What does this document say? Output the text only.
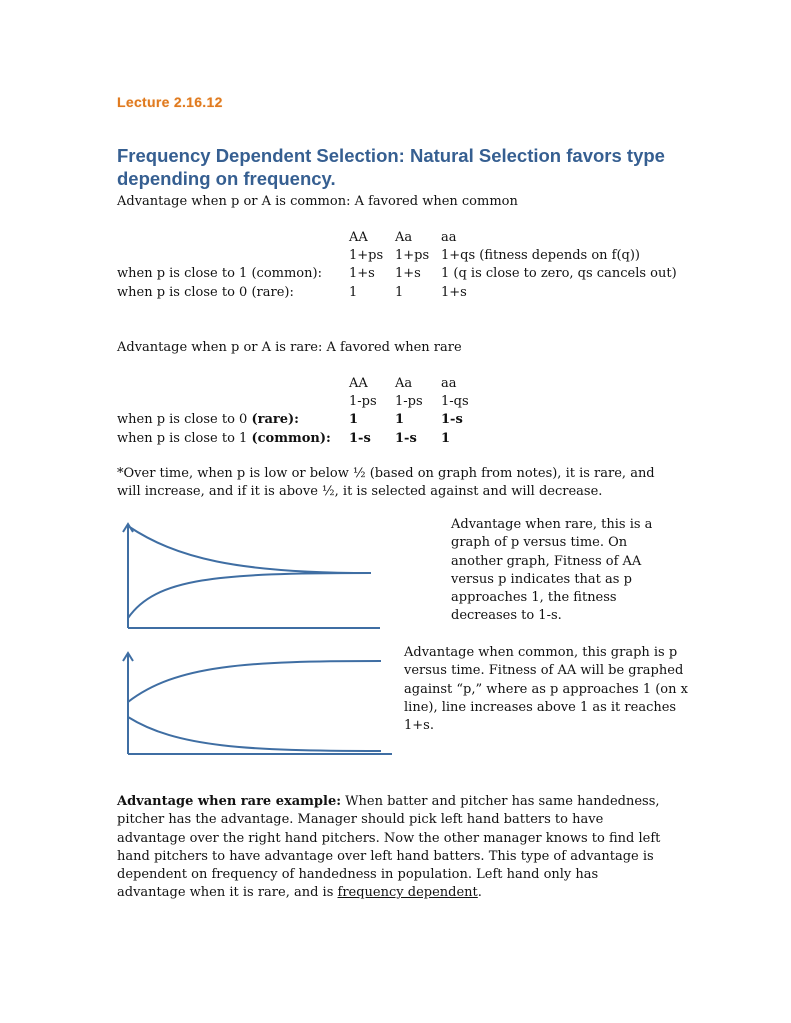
Lecture 2.16.12
Frequency Dependent Selection: Natural Selection favors type depending on frequency.
Advantage when p or A is common: A favored when common
	AA	Aa	aa
	1+ps	1+ps	1+qs (fitness depends on f(q))
when p is close to 1 (common):	1+s	1+s	1 (q is close to zero, qs cancels out)
when p is close to 0 (rare):	1	1	1+s
Advantage when p or A is rare: A favored when rare
	AA	Aa	aa
	1-ps	1-ps	1-qs
when p is close to 0 (rare):	1	1	1-s
when p is close to 1 (common):	1-s	1-s	1
*Over time, when p is low or below ½ (based on graph from notes), it is rare, and will increase, and if it is above ½, it is selected against and will decrease.
Advantage when rare, this is a graph of p versus time. On another graph, Fitness of AA versus p indicates that as p approaches 1, the fitness decreases to 1-s.
Advantage when common, this graph is p versus time. Fitness of AA will be graphed against “p,” where as p approaches 1 (on x line), line increases above 1 as it reaches 1+s.
Advantage when rare example: When batter and pitcher has same handedness, pitcher has the advantage. Manager should pick left hand batters to have advantage over the right hand pitchers. Now the other manager knows to find left hand pitchers to have advantage over left hand batters. This type of advantage is dependent on frequency of handedness in population. Left hand only has advantage when it is rare, and is frequency dependent.
